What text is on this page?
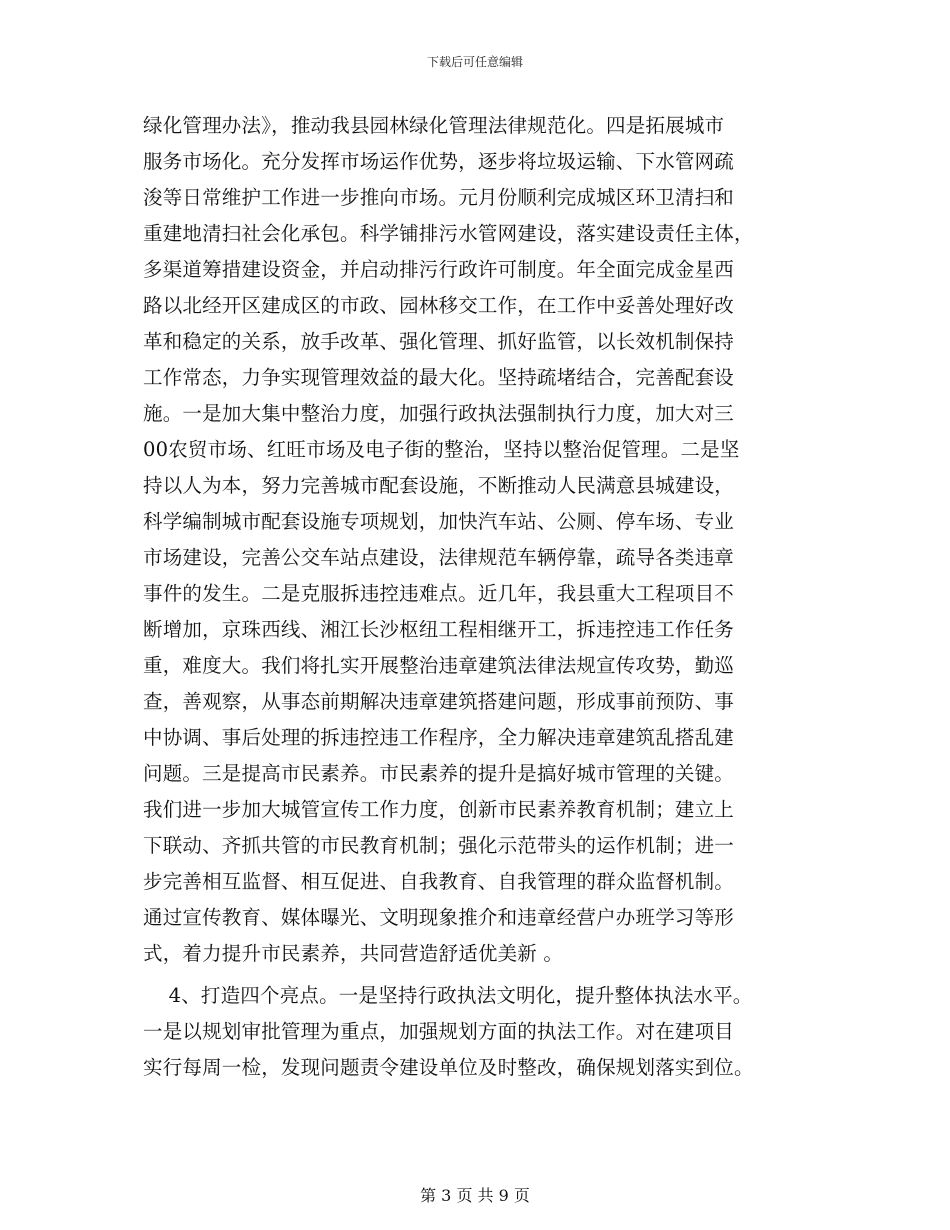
下载后可任意编辑
绿化管理办法》，推动我县园林绿化管理法律规范化。四是拓展城市
服务市场化。充分发挥市场运作优势，逐步将垃圾运输、下水管网疏
浚等日常维护工作进一步推向市场。元月份顺利完成城区环卫清扫和
重建地清扫社会化承包。科学铺排污水管网建设，落实建设责任主体，
多渠道筹措建设资金，并启动排污行政许可制度。年全面完成金星西
路以北经开区建成区的市政、园林移交工作，在工作中妥善处理好改
革和稳定的关系，放手改革、强化管理、抓好监管，以长效机制保持
工作常态，力争实现管理效益的最大化。坚持疏堵结合，完善配套设
施。一是加大集中整治力度，加强行政执法强制执行力度，加大对三
00农贸市场、红旺市场及电子街的整治，坚持以整治促管理。二是坚
持以人为本，努力完善城市配套设施，不断推动人民满意县城建设，
科学编制城市配套设施专项规划，加快汽车站、公厕、停车场、专业
市场建设，完善公交车站点建设，法律规范车辆停靠，疏导各类违章
事件的发生。二是克服拆违控违难点。近几年，我县重大工程项目不
断增加，京珠西线、湘江长沙枢纽工程相继开工，拆违控违工作任务
重，难度大。我们将扎实开展整治违章建筑法律法规宣传攻势，勤巡
查，善观察，从事态前期解决违章建筑搭建问题，形成事前预防、事
中协调、事后处理的拆违控违工作程序，全力解决违章建筑乱搭乱建
问题。三是提高市民素养。市民素养的提升是搞好城市管理的关键。
我们进一步加大城管宣传工作力度，创新市民素养教育机制；建立上
下联动、齐抓共管的市民教育机制；强化示范带头的运作机制；进一
步完善相互监督、相互促进、自我教育、自我管理的群众监督机制。
通过宣传教育、媒体曝光、文明现象推介和违章经营户办班学习等形
式，着力提升市民素养，共同营造舒适优美新 。
4、打造四个亮点。一是坚持行政执法文明化，提升整体执法水平。
一是以规划审批管理为重点，加强规划方面的执法工作。对在建项目
实行每周一检，发现问题责令建设单位及时整改，确保规划落实到位。
第 3 页 共 9 页
